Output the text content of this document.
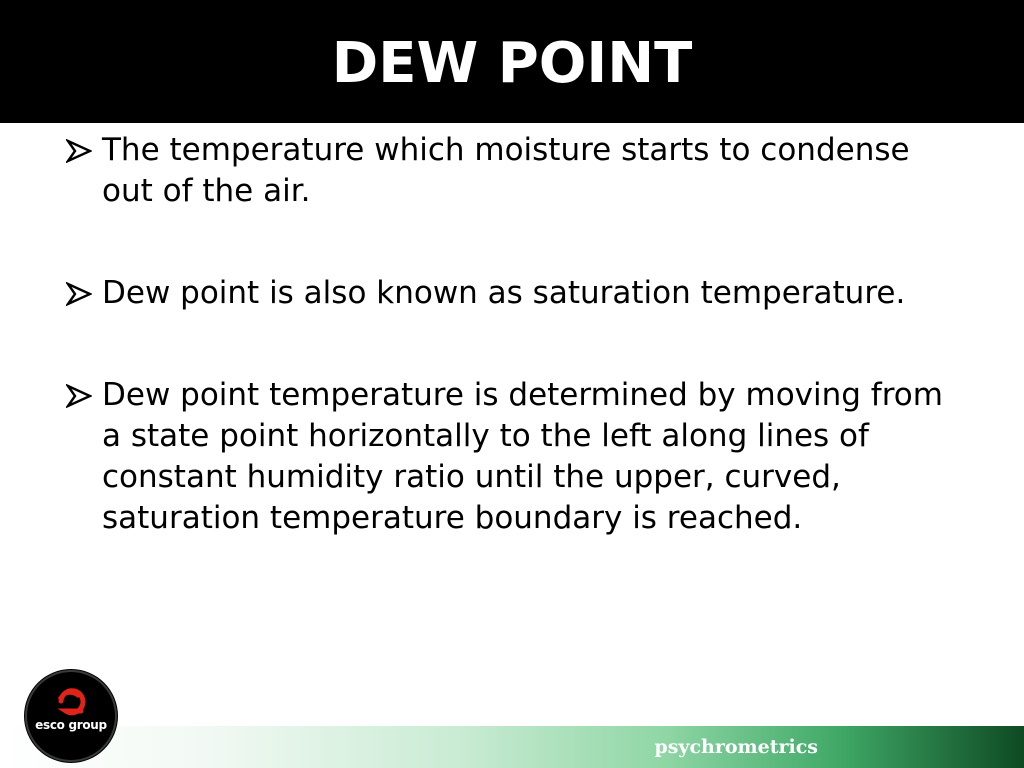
DEW POINT
The temperature which moisture starts to condense out of the air.
Dew point is also known as saturation temperature.
Dew point temperature is determined by moving from a state point horizontally to the left along lines of constant humidity ratio until the upper, curved, saturation temperature boundary is reached.
psychrometrics
esco group
